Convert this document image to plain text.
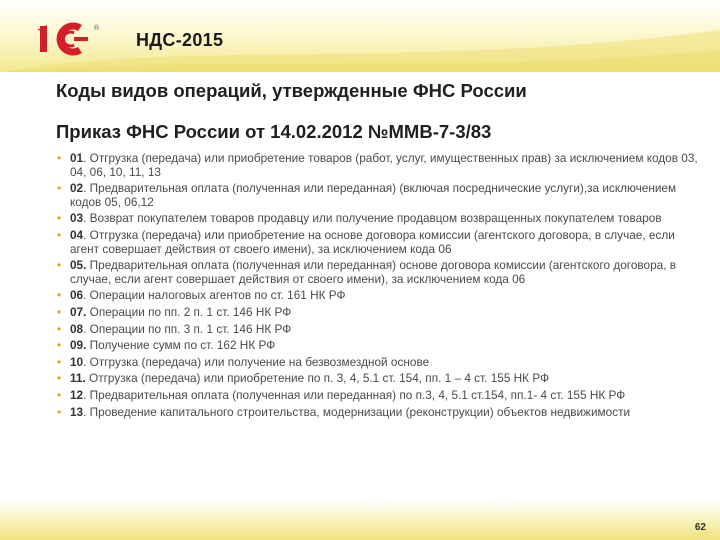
®
НДС-2015
Коды видов операций, утвержденные ФНС России
Приказ ФНС России от 14.02.2012 №ММВ-7-3/83
• 01. Отгрузка (передача) или приобретение товаров (работ, услуг, имущественных прав) за исключением кодов 03, 04, 06, 10, 11, 13
• 02. Предварительная оплата (полученная или переданная) (включая посреднические услуги),за исключением кодов 05, 06,12
• 03. Возврат покупателем товаров продавцу или получение продавцом возвращенных покупателем товаров
• 04. Отгрузка (передача) или приобретение на основе договора комиссии (агентского договора, в случае, если агент совершает действия от своего имени), за исключением кода 06
• 05. Предварительная оплата (полученная или переданная) основе договора комиссии (агентского договора, в случае, если агент совершает действия от своего имени), за исключением кода 06
• 06. Операции налоговых агентов по ст. 161 НК РФ
• 07. Операции по пп. 2 п. 1 ст. 146 НК РФ
• 08. Операции по пп. 3 п. 1 ст. 146 НК РФ
• 09. Получение сумм по ст. 162 НК РФ
• 10. Отгрузка (передача) или получение на безвозмездной основе
• 11. Отгрузка (передача) или приобретение по п. 3, 4, 5.1 ст. 154, пп. 1 – 4 ст. 155 НК РФ
• 12. Предварительная оплата (полученная или переданная) по п.3, 4, 5.1 ст.154, пп.1- 4 ст. 155 НК РФ
• 13. Проведение капитального строительства, модернизации (реконструкции) объектов недвижимости
62
